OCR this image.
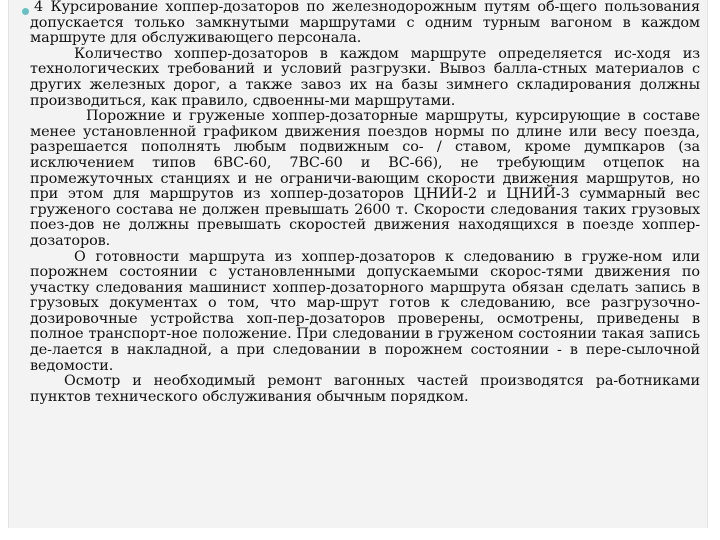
4 Курсирование хоппер-дозаторов по железнодорожным путям об-щего пользования допускается только замкнутыми маршрутами с одним турным вагоном в каждом маршруте для обслуживающего персонала.

Количество хоппер-дозаторов в каждом маршруте определяется ис-ходя из технологических требований и условий разгрузки. Вывоз балла-стных материалов с других железных дорог, а также завоз их на базы зимнего складирования должны производиться, как правило, сдвоенны-ми маршрутами.

Порожние и груженые хоппер-дозаторные маршруты, курсирующие в составе менее установленной графиком движения поездов нормы по длине или весу поезда, разрешается пополнять любым подвижным со- / ставом, кроме думпкаров (за исключением типов 6ВС-60, 7ВС-60 и ВС-66), не требующим отцепок на промежуточных станциях и не ограничи-вающим скорости движения маршрутов, но при этом для маршрутов из хоппер-дозаторов ЦНИИ-2 и ЦНИЙ-3 суммарный вес груженого состава не должен превышать 2600 т. Скорости следования таких грузовых поез-дов не должны превышать скоростей движения находящихся в поезде хоппер-дозаторов.

О готовности маршрута из хоппер-дозаторов к следованию в груже-ном или порожнем состоянии с установленными допускаемыми скорос-тями движения по участку следования машинист хоппер-дозаторного маршрута обязан сделать запись в грузовых документах о том, что мар-шрут готов к следованию, все разгрузочно-дозировочные устройства хоп-пер-дозаторов проверены, осмотрены, приведены в полное транспорт-ное положение. При следовании в груженом состоянии такая запись де-лается в накладной, а при следовании в порожнем состоянии - в пере-сылочной ведомости.

Осмотр и необходимый ремонт вагонных частей производятся ра-ботниками пунктов технического обслуживания обычным порядком.
